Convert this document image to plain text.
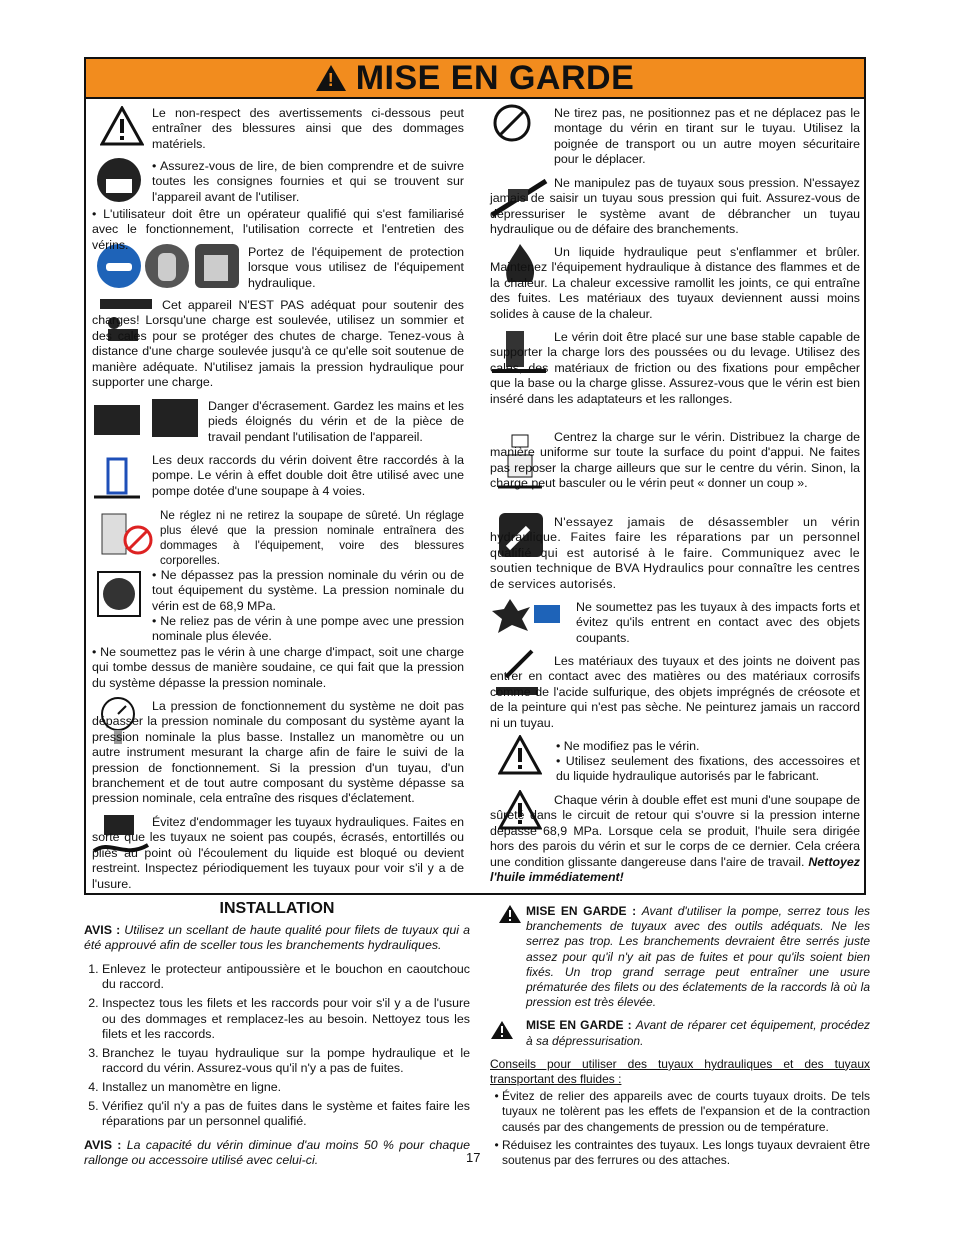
!
MISE EN GARDE
Le non-respect des avertissements ci-dessous peut entraîner des blessures ainsi que des dommages matériels.
• Assurez-vous de lire, de bien comprendre et de suivre toutes les consignes fournies et qui se trouvent sur l'appareil avant de l'utiliser.
• L'utilisateur doit être un opérateur qualifié qui s'est familiarisé avec le fonctionnement, l'utilisation correcte et l'entretien des vérins.
Portez de l'équipement de protection lorsque vous utilisez de l'équipement hydraulique.
Cet appareil N'EST PAS adéquat pour soutenir des charges! Lorsqu'une charge est soulevée, utilisez un sommier et des cales pour se protéger des chutes de charge. Tenez-vous à distance d'une charge soulevée jusqu'à ce qu'elle soit soutenue de manière adéquate. N'utilisez jamais la pression hydraulique pour supporter une charge.
Danger d'écrasement. Gardez les mains et les pieds éloignés du vérin et de la pièce de travail pendant l'utilisation de l'appareil.
Les deux raccords du vérin doivent être raccordés à la pompe. Le vérin à effet double doit être utilisé avec une pompe dotée d'une soupape à 4 voies.
Ne réglez ni ne retirez la soupape de sûreté. Un réglage plus élevé que la pression nominale entraînera des dommages à l'équipement, voire des blessures corporelles.
• Ne dépassez pas la pression nominale du vérin ou de tout équipement du système. La pression nominale du vérin est de 68,9 MPa.
• Ne reliez pas de vérin à une pompe avec une pression nominale plus élevée.
• Ne soumettez pas le vérin à une charge d'impact, soit une charge qui tombe dessus de manière soudaine, ce qui fait que la pression du système dépasse la pression nominale.
La pression de fonctionnement du système ne doit pas dépasser la pression nominale du composant du système ayant la pression nominale la plus basse. Installez un manomètre ou un autre instrument mesurant la charge afin de faire le suivi de la pression de fonctionnement. Si la pression d'un tuyau, d'un branchement et de tout autre composant du système dépasse sa pression nominale, cela entraîne des risques d'éclatement.
Évitez d'endommager les tuyaux hydrauliques. Faites en sorte que les tuyaux ne soient pas coupés, écrasés, entortillés ou pliés au point où l'écoulement du liquide est bloqué ou devient restreint. Inspectez périodiquement les tuyaux pour voir s'il y a de l'usure.
Ne tirez pas, ne positionnez pas et ne déplacez pas le montage du vérin en tirant sur le tuyau. Utilisez la poignée de transport ou un autre moyen sécuritaire pour le déplacer.
Ne manipulez pas de tuyaux sous pression. N'essayez jamais de saisir un tuyau sous pression qui fuit. Assurez-vous de dépressuriser le système avant de débrancher un tuyau hydraulique ou de défaire des branchements.
Un liquide hydraulique peut s'enflammer et brûler. Maintenez l'équipement hydraulique à distance des flammes et de la chaleur. La chaleur excessive ramollit les joints, ce qui entraîne des fuites. Les matériaux des tuyaux deviennent aussi moins solides à cause de la chaleur.
Le vérin doit être placé sur une base stable capable de supporter la charge lors des poussées ou du levage. Utilisez des cales, des matériaux de friction ou des fixations pour empêcher que la base ou la charge glisse. Assurez-vous que le vérin est bien inséré dans les adaptateurs et les rallonges.
Centrez la charge sur le vérin. Distribuez la charge de manière uniforme sur toute la surface du point d'appui. Ne faites pas reposer la charge ailleurs que sur le centre du vérin. Sinon, la charge peut basculer ou le vérin peut « donner un coup ».
N'essayez jamais de désassembler un vérin hydraulique. Faites faire les réparations par un personnel qualifié qui est autorisé à le faire. Communiquez avec le soutien technique de BVA Hydraulics pour connaître les centres de services autorisés.
Ne soumettez pas les tuyaux à des impacts forts et évitez qu'ils entrent en contact avec des objets coupants.
Les matériaux des tuyaux et des joints ne doivent pas entrer en contact avec des matières ou des matériaux corrosifs comme de l'acide sulfurique, des objets imprégnés de créosote et de la peinture qui n'est pas sèche. Ne peinturez jamais un raccord ni un tuyau.
• Ne modifiez pas le vérin.
• Utilisez seulement des fixations, des accessoires et du liquide hydraulique autorisés par le fabricant.
Chaque vérin à double effet est muni d'une soupape de sûreté dans le circuit de retour qui s'ouvre si la pression interne dépasse 68,9 MPa. Lorsque cela se produit, l'huile sera dirigée hors des parois du vérin et sur le corps de ce dernier. Cela créera une condition glissante dangereuse dans l'aire de travail. Nettoyez l'huile immédiatement!
INSTALLATION

AVIS : Utilisez un scellant de haute qualité pour filets de tuyaux qui a été approuvé afin de sceller tous les branchements hydrauliques.

1. Enlevez le protecteur antipoussière et le bouchon en caoutchouc du raccord.
2. Inspectez tous les filets et les raccords pour voir s'il y a de l'usure ou des dommages et remplacez-les au besoin. Nettoyez tous les filets et les raccords.
3. Branchez le tuyau hydraulique sur la pompe hydraulique et le raccord du vérin. Assurez-vous qu'il n'y a pas de fuites.
4. Installez un manomètre en ligne.
5. Vérifiez qu'il n'y a pas de fuites dans le système et faites faire les réparations par un personnel qualifié.

AVIS : La capacité du vérin diminue d'au moins 50 % pour chaque rallonge ou accessoire utilisé avec celui-ci.

MISE EN GARDE : Avant d'utiliser la pompe, serrez tous les branchements de tuyaux avec des outils adéquats. Ne les serrez pas trop. Les branchements devraient être serrés juste assez pour qu'il n'y ait pas de fuites et pour qu'ils soient bien fixés. Un trop grand serrage peut entraîner une usure prématurée des filets ou des éclatements de la raccords là où la pression est très élevée.

MISE EN GARDE : Avant de réparer cet équipement, procédez à sa dépressurisation.

Conseils pour utiliser des tuyaux hydrauliques et des tuyaux transportant des fluides :

• Évitez de relier des appareils avec de courts tuyaux droits. De tels tuyaux ne tolèrent pas les effets de l'expansion et de la contraction causés par des changements de pression ou de température.
• Réduisez les contraintes des tuyaux. Les longs tuyaux devraient être soutenus par des ferrures ou des attaches.
17
